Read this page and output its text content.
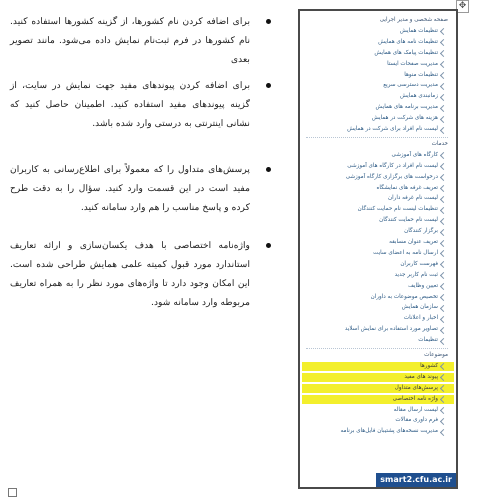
✥
برای اضافه کردن نام کشورها، از گزینه کشورها استفاده کنید. نام کشورها در فرم ثبت‌نام نمایش داده می‌شود. مانند تصویر بعدی
برای اضافه کردن پیوندهای مفید جهت نمایش در سایت، از گزینه پیوندهای مفید استفاده کنید. اطمینان حاصل کنید که نشانی اینترنتی به درستی وارد شده باشد.
پرسش‌های متداول را که معمولاً برای اطلاع‌رسانی به کاربران مفید است در این قسمت وارد کنید. سؤال را به دقت طرح کرده و پاسخ مناسب را هم وارد سامانه کنید.
واژه‌نامه اختصاصی با هدف یکسان‌سازی و ارائه تعاریف استاندارد مورد قبول کمیته علمی همایش طراحی شده است. این امکان وجود دارد تا واژه‌های مورد نظر را به همراه تعاریف مربوطه وارد سامانه شود.
صفحه شخصی و مدیر اجرایی
تنظیمات همایش
تنظیمات نامه های همایش
تنظیمات پیامک های همایش
مدیریت صفحات ایستا
تنظیمات منوها
مدیریت دسترسی سریع
زمانبندی همایش
مدیریت برنامه های همایش
هزینه های شرکت در همایش
لیست نام افراد برای شرکت در همایش
خدمات
کارگاه های آموزشی
لیست نام افراد در کارگاه های آموزشی
درخواست های برگزاری کارگاه آموزشی
تعریف غرفه های نمایشگاه
لیست نام غرفه داران
تنظیمات لیست نام حمایت کنندگان
لیست نام حمایت کنندگان
برگزار کنندگان
تعریف عنوان مسابقه
ارسال نامه به اعضای سایت
فهرست کاربران
ثبت نام کاربر جدید
تعیین وظایف
تخصیص موضوعات به داوران
سازمان همایش
اخبار و اعلانات
تصاویر مورد استفاده برای نمایش اسلاید
تنظیمات
موضوعات
کشورها
پیوند های مفید
پرسش‌های متداول
واژه نامه اختصاصی
لیست ارسال مقاله
فرم داوری مقالات
مدیریت نسخه‌های پشتیبان فایل‌های برنامه
smart2.cfu.ac.ir
